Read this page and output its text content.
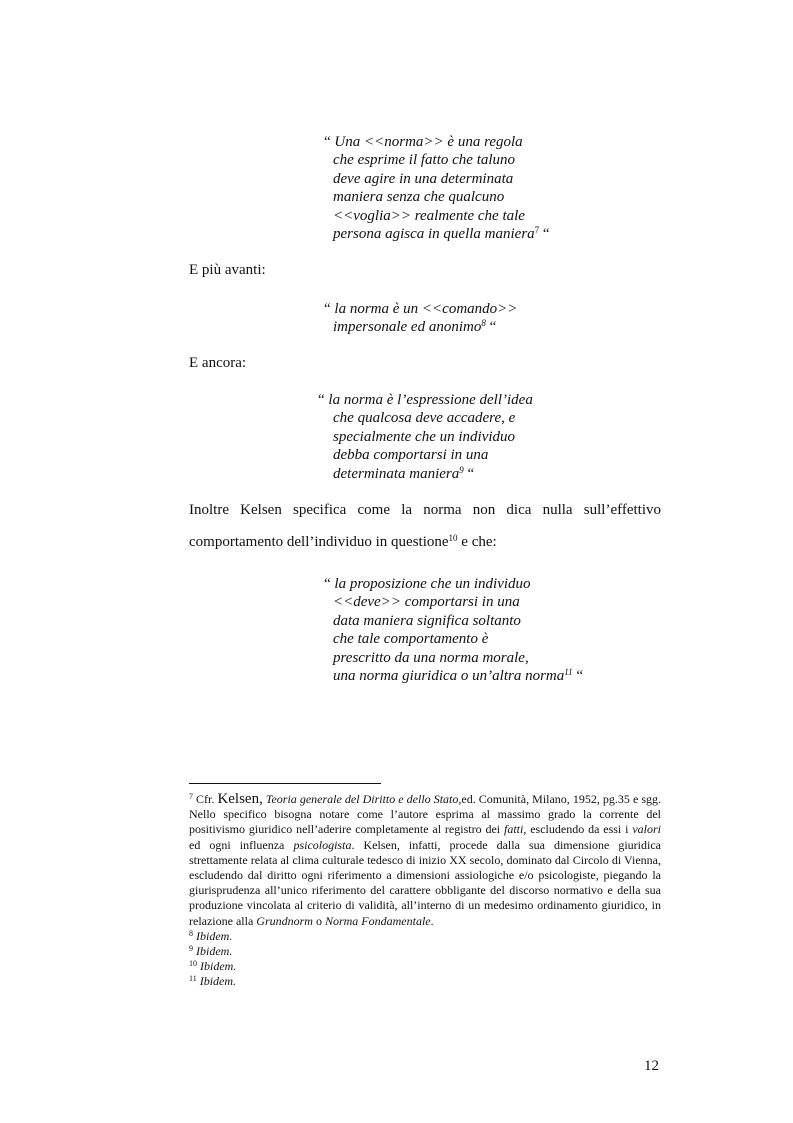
“ Una <<norma>> è una regola
che esprime il fatto che taluno
deve agire in una determinata
maniera senza che qualcuno
<<voglia>> realmente che tale
persona agisca in quella maniera$^7$ “
E più avanti:
“ la norma è un <<comando>>
impersonale ed anonimo$^8$ “
E ancora:
“ la norma è l’espressione dell’idea
che qualcosa deve accadere, e
specialmente che un individuo
debba comportarsi in una
determinata maniera$^9$ “
Inoltre Kelsen specifica come la norma non dica nulla sull’effettivo
comportamento dell’individuo in questione$^{10}$ e che:
“ la proposizione che un individuo
<<deve>> comportarsi in una
data maniera significa soltanto
che tale comportamento è
prescritto da una norma morale,
una norma giuridica o un’altra norma$^{11}$ “
$^7$ Cfr. Kelsen, Teoria generale del Diritto e dello Stato,ed. Comunità, Milano, 1952, pg.35 e sgg. Nello specifico bisogna notare come l’autore esprima al massimo grado la corrente del positivismo giuridico nell’aderire completamente al registro dei fatti, escludendo da essi i valori ed ogni influenza psicologista. Kelsen, infatti, procede dalla sua dimensione giuridica strettamente relata al clima culturale tedesco di inizio XX secolo, dominato dal Circolo di Vienna, escludendo dal diritto ogni riferimento a dimensioni assiologiche e/o psicologiste, piegando la giurisprudenza all’unico riferimento del carattere obbligante del discorso normativo e della sua produzione vincolata al criterio di validità, all’interno di un medesimo ordinamento giuridico, in relazione alla Grundnorm o Norma Fondamentale.
$^8$ Ibidem.
$^9$ Ibidem.
$^{10}$ Ibidem.
$^{11}$ Ibidem.
12
